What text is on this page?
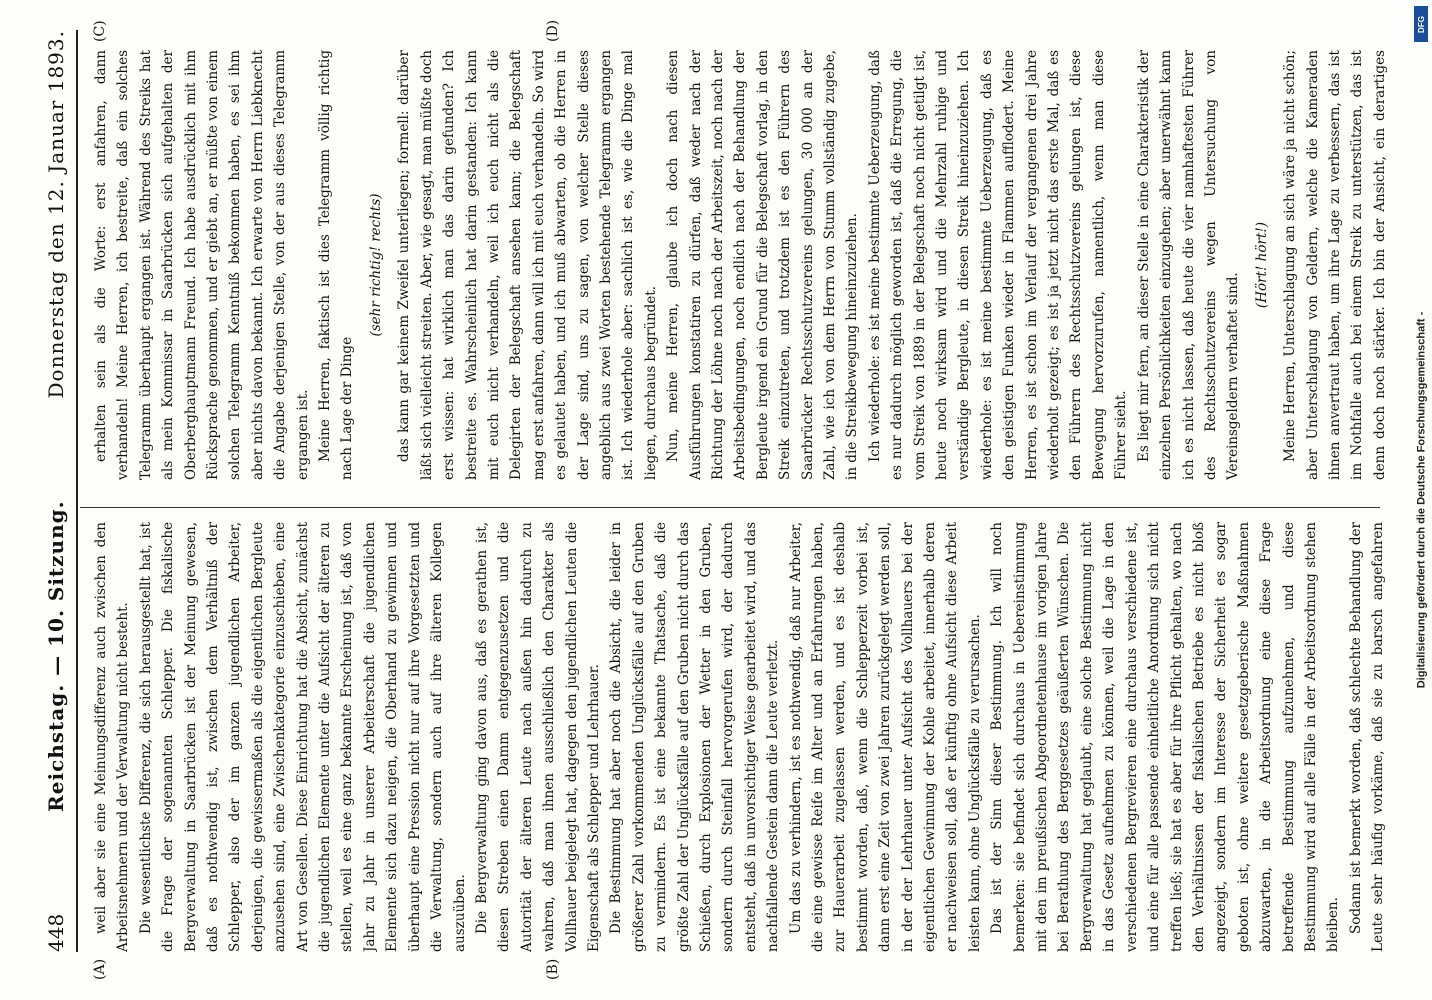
448
Reichstag. — 10. Sitzung.
Donnerstag den 12. Januar 1893.
(A)	(B)
(C)	(D)

weil aber sie eine Meinungsdifferenz auch zwischen den Arbeitsnehmern und der Verwaltung nicht besteht. Die wesentlichste Differenz, die sich herausgestellt hat, ist die Frage der sogenannten Schlepper. Die fiskalische Bergverwaltung in Saarbrücken ist der Meinung gewesen, daß es nothwendig ist, zwischen dem Verhältniß der Schlepper, also der im ganzen jugendlichen Arbeiter, derjenigen, die gewissermaßen als die eigentlichen Bergleute anzusehen sind, eine Zwischenkategorie einzuschieben, eine Art von Gesellen. Diese Einrichtung hat die Absicht, zunächst die jugendlichen Elemente unter die Aufsicht der älteren zu stellen, weil es eine ganz bekannte Erscheinung ist, daß von Jahr zu Jahr in unserer Arbeiterschaft die jugendlichen Elemente sich dazu neigen, die Oberhand zu gewinnen und überhaupt eine Pression nicht nur auf ihre Vorgesetzten und die Verwaltung, sondern auch auf ihre älteren Kollegen auszuüben. Die Bergverwaltung ging davon aus, daß es gerathen ist, diesen Streben einen Damm entgegenzusetzen und die Autorität der älteren Leute nach außen hin dadurch zu wahren, daß man ihnen ausschließlich den Charakter als Vollhauer beigelegt hat, dagegen den jugendlichen Leuten die Eigenschaft als Schlepper und Lehrhauer. Die Bestimmung hat aber noch die Absicht, die leider in größerer Zahl vorkommenden Unglücksfälle auf den Gruben zu vermindern. Es ist eine bekannte Thatsache, daß die größte Zahl der Unglücksfälle auf den Gruben nicht durch das Schießen, durch Explosionen der Wetter in den Gruben, sondern durch Steinfall hervorgerufen wird, der dadurch entsteht, daß in unvorsichtiger Weise gearbeitet wird, und das nachfallende Gestein dann die Leute verletzt. Um das zu verhindern, ist es nothwendig, daß nur Arbeiter, die eine gewisse Reife im Alter und an Erfahrungen haben, zur Hauerarbeit zugelassen werden, und es ist deshalb bestimmt worden, daß, wenn die Schlepperzeit vorbei ist, dann erst eine Zeit von zwei Jahren zurückgelegt werden soll, in der der Lehrhauer unter Aufsicht des Vollhauers bei der eigentlichen Gewinnung der Kohle arbeitet, innerhalb deren er nachweisen soll, daß er künftig ohne Aufsicht diese Arbeit leisten kann, ohne Unglücksfälle zu verursachen. Das ist der Sinn dieser Bestimmung. Ich will noch bemerken: sie befindet sich durchaus in Uebereinstimmung mit den im preußischen Abgeordnetenhause im vorigen Jahre bei Berathung des Berggesetzes geäußerten Wünschen. Die Bergverwaltung hat geglaubt, eine solche Bestimmung nicht in das Gesetz aufnehmen zu können, weil die Lage in den verschiedenen Bergrevieren eine durchaus verschiedene ist, und eine für alle passende einheitliche Anordnung sich nicht treffen ließ; sie hat es aber für ihre Pflicht gehalten, wo nach den Verhältnissen der fiskalischen Betriebe es nicht bloß angezeigt, sondern im Interesse der Sicherheit es sogar geboten ist, ohne weitere gesetzgeberische Maßnahmen abzuwarten, in die Arbeitsordnung eine diese Frage betreffende Bestimmung aufzunehmen, und diese Bestimmung wird auf alle Fälle in der Arbeitsordnung stehen bleiben. Sodann ist bemerkt worden, daß schlechte Behandlung der Leute sehr häufig vorkäme, daß sie zu barsch angefahren

erhalten sein als die Worte: erst anfahren, dann verhandeln! Meine Herren, ich bestreite, daß ein solches Telegramm überhaupt ergangen ist. Während des Streiks hat als mein Kommissar in Saarbrücken sich aufgehalten der Oberberghauptmann Freund. Ich habe ausdrücklich mit ihm Rücksprache genommen, und er giebt an, er müßte von einem solchen Telegramm Kenntniß bekommen haben, es sei ihm aber nichts davon bekannt. Ich erwarte von Herrn Liebknecht die Angabe derjenigen Stelle, von der aus dieses Telegramm ergangen ist. Meine Herren, faktisch ist dies Telegramm völlig richtig nach Lage der Dinge

(sehr richtig! rechts) das kann gar keinem Zweifel unterliegen; formell: darüber läßt sich vielleicht streiten. Aber, wie gesagt, man müßte doch erst wissen: hat wirklich man das darin gefunden? Ich bestreite es. Wahrscheinlich hat darin gestanden: Ich kann mit euch nicht verhandeln, weil ich euch nicht als die Delegirten der Belegschaft ansehen kann; die Belegschaft mag erst anfahren, dann will ich mit euch verhandeln. So wird es gelautet haben, und ich muß abwarten, ob die Herren in der Lage sind, uns zu sagen, von welcher Stelle dieses angeblich aus zwei Worten bestehende Telegramm ergangen ist. Ich wiederhole aber: sachlich ist es, wie die Dinge mal liegen, durchaus begründet. Nun, meine Herren, glaube ich doch nach diesen Ausführungen konstatiren zu dürfen, daß weder nach der Richtung der Löhne noch nach der Arbeitszeit, noch nach der Arbeitsbedingungen, noch endlich nach der Behandlung der Bergleute irgend ein Grund für die Belegschaft vorlag, in den Streik einzutreten, und trotzdem ist es den Führern des Saarbrücker Rechtsschutzvereins gelungen, 30 000 an der Zahl, wie ich von dem Herrn von Stumm vollständig zugebe, in die Streikbewegung hineinzuziehen. Ich wiederhole: es ist meine bestimmte Ueberzeugung, daß es nur dadurch möglich geworden ist, daß die Erregung, die vom Streik von 1889 in der Belegschaft noch nicht getilgt ist, heute noch wirksam wird und die Mehrzahl ruhige und verständige Bergleute, in diesen Streik hineinzuziehen. Ich wiederhole: es ist meine bestimmte Ueberzeugung, daß es den geistigen Funken wieder in Flammen aufflodert. Meine Herren, es ist schon im Verlauf der vergangenen drei Jahre wiederholt gezeigt; es ist ja jetzt nicht das erste Mal, daß es den Führern des Rechtsschutzvereins gelungen ist, diese Bewegung hervorzurufen, namentlich, wenn man diese Führer sieht. Es liegt mir fern, an dieser Stelle in eine Charakteristik der einzelnen Persönlichkeiten einzugehen; aber unerwähnt kann ich es nicht lassen, daß heute die vier namhaftesten Führer des Rechtsschutzvereins wegen Untersuchung von Vereinsgeldern verhaftet sind.

(Hört! hört!)

Meine Herren, Unterschlagung an sich wäre ja nicht schön; aber Unterschlagung von Geldern, welche die Kameraden ihnen anvertraut haben, um ihre Lage zu verbessern, das ist im Nothfalle auch bei einem Streik zu unterstützen, das ist denn doch noch stärker. Ich bin der Ansicht, ein derartiges

Digitalisierung gefördert durch die Deutsche Forschungsgemeinschaft -
DFG
